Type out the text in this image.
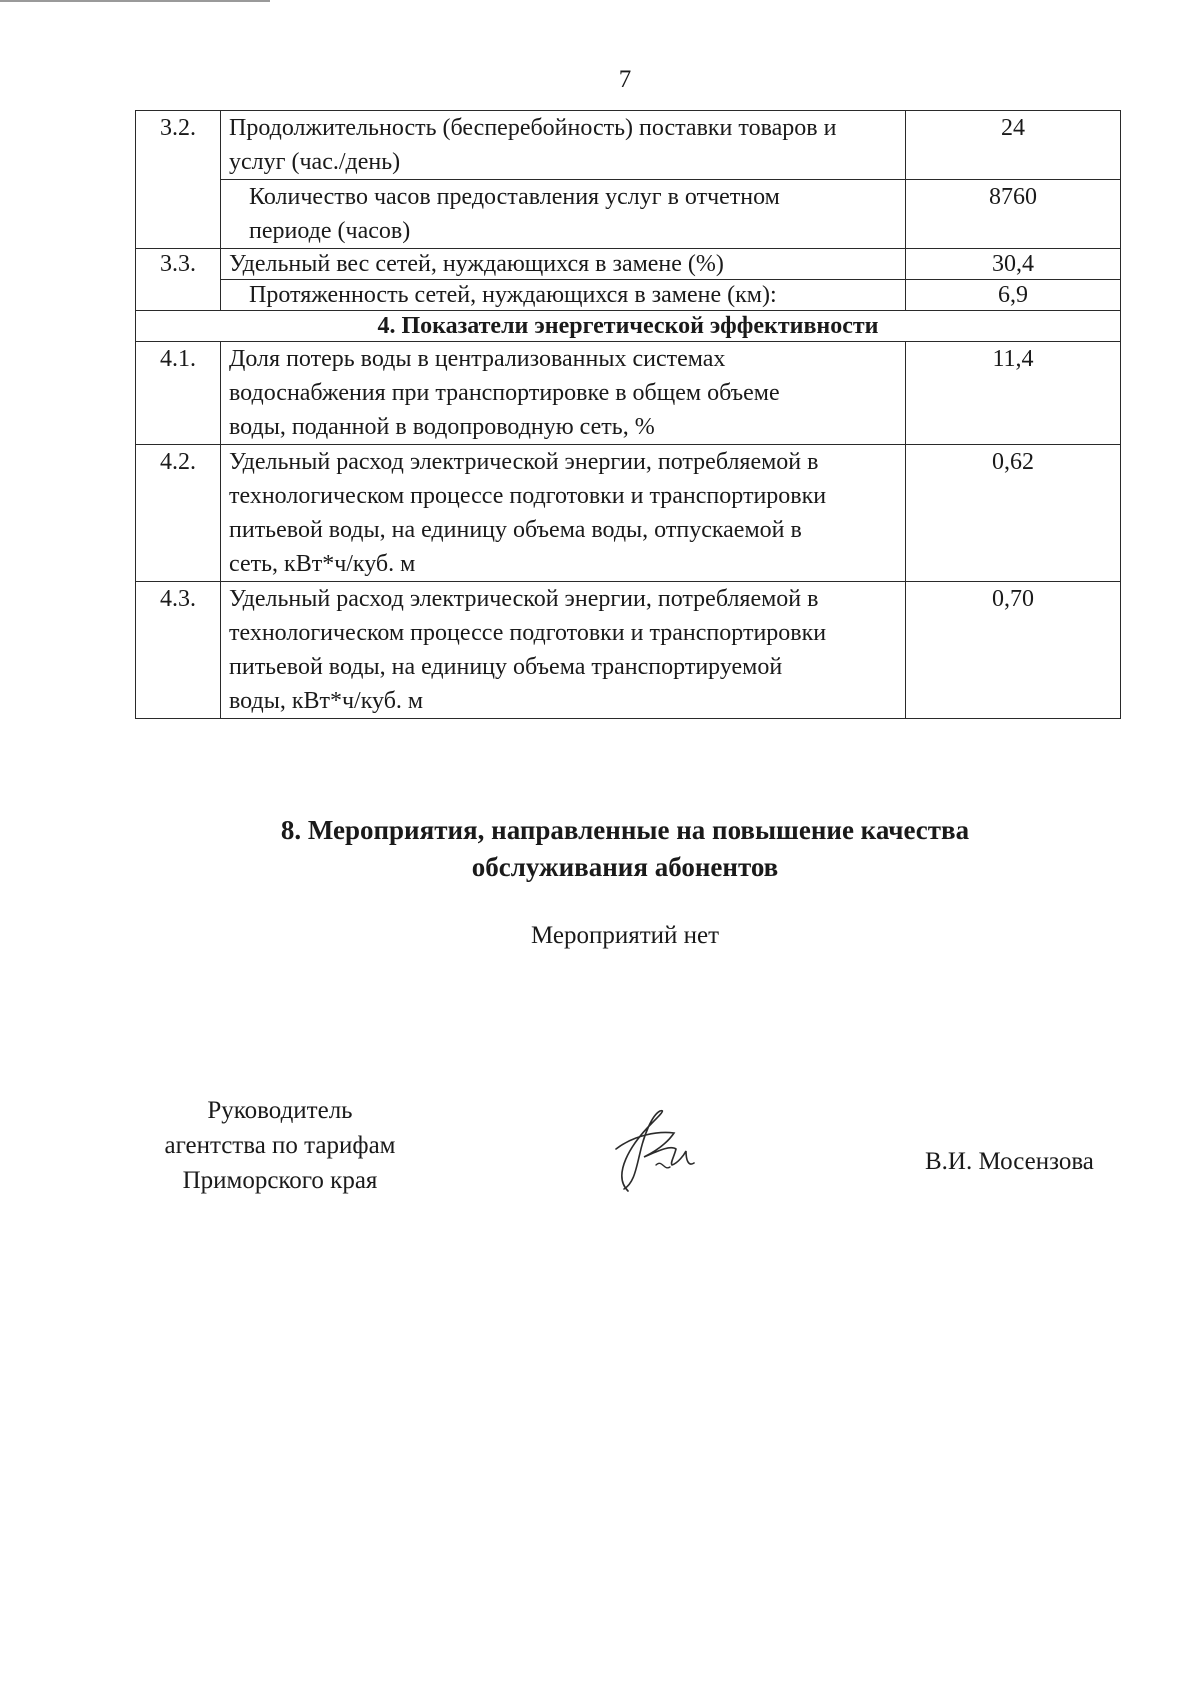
7
3.2.	Продолжительность (бесперебойность) поставки товаров и
услуг (час./день)	24

	Количество часов предоставления услуг в отчетном
периоде (часов)	8760
3.3.	Удельный вес сетей, нуждающихся в замене (%)	30,4
	Протяженность сетей, нуждающихся в замене (км):	6,9
4. Показатели энергетической эффективности		
4.1.	Доля потерь воды в централизованных системах
водоснабжения при транспортировке в общем объеме
воды, поданной в водопроводную сеть, %	11,4
4.2.	Удельный расход электрической энергии, потребляемой в
технологическом процессе подготовки и транспортировки
питьевой воды, на единицу объема воды, отпускаемой в
сеть, кВт*ч/куб. м	0,62
4.3.	Удельный расход электрической энергии, потребляемой в
технологическом процессе подготовки и транспортировки
питьевой воды, на единицу объема транспортируемой
воды, кВт*ч/куб. м	0,70
8. Мероприятия, направленные на повышение качества
обслуживания абонентов
Мероприятий нет
Руководитель
агентства по тарифам
Приморского края
В.И. Мосензова
